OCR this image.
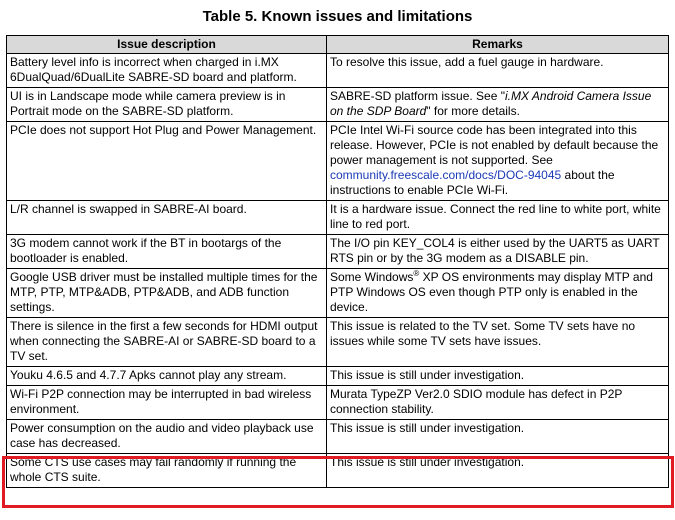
Table 5. Known issues and limitations
Issue description	Remarks
Battery level info is incorrect when charged in i.MX 6DualQuad/6DualLite SABRE-SD board and platform.	To resolve this issue, add a fuel gauge in hardware.
UI is in Landscape mode while camera preview is in Portrait mode on the SABRE-SD platform.	SABRE-SD platform issue. See "i.MX Android Camera Issue on the SDP Board" for more details.
PCIe does not support Hot Plug and Power Management.	PCIe Intel Wi-Fi source code has been integrated into this release. However, PCIe is not enabled by default because the power management is not supported. See community.freescale.com/docs/DOC-94045 about the instructions to enable PCIe Wi-Fi.
L/R channel is swapped in SABRE-AI board.	It is a hardware issue. Connect the red line to white port, white line to red port.
3G modem cannot work if the BT in bootargs of the bootloader is enabled.	The I/O pin KEY_COL4 is either used by the UART5 as UART RTS pin or by the 3G modem as a DISABLE pin.
Google USB driver must be installed multiple times for the MTP, PTP, MTP&ADB, PTP&ADB, and ADB function settings.	Some Windows® XP OS environments may display MTP and PTP Windows OS even though PTP only is enabled in the device.
There is silence in the first a few seconds for HDMI output when connecting the SABRE-AI or SABRE-SD board to a TV set.	This issue is related to the TV set. Some TV sets have no issues while some TV sets have issues.
Youku 4.6.5 and 4.7.7 Apks cannot play any stream.	This issue is still under investigation.
Wi-Fi P2P connection may be interrupted in bad wireless environment.	Murata TypeZP Ver2.0 SDIO module has defect in P2P connection stability.
Power consumption on the audio and video playback use case has decreased.	This issue is still under investigation.
Some CTS use cases may fail randomly if running the whole CTS suite.	This issue is still under investigation.
